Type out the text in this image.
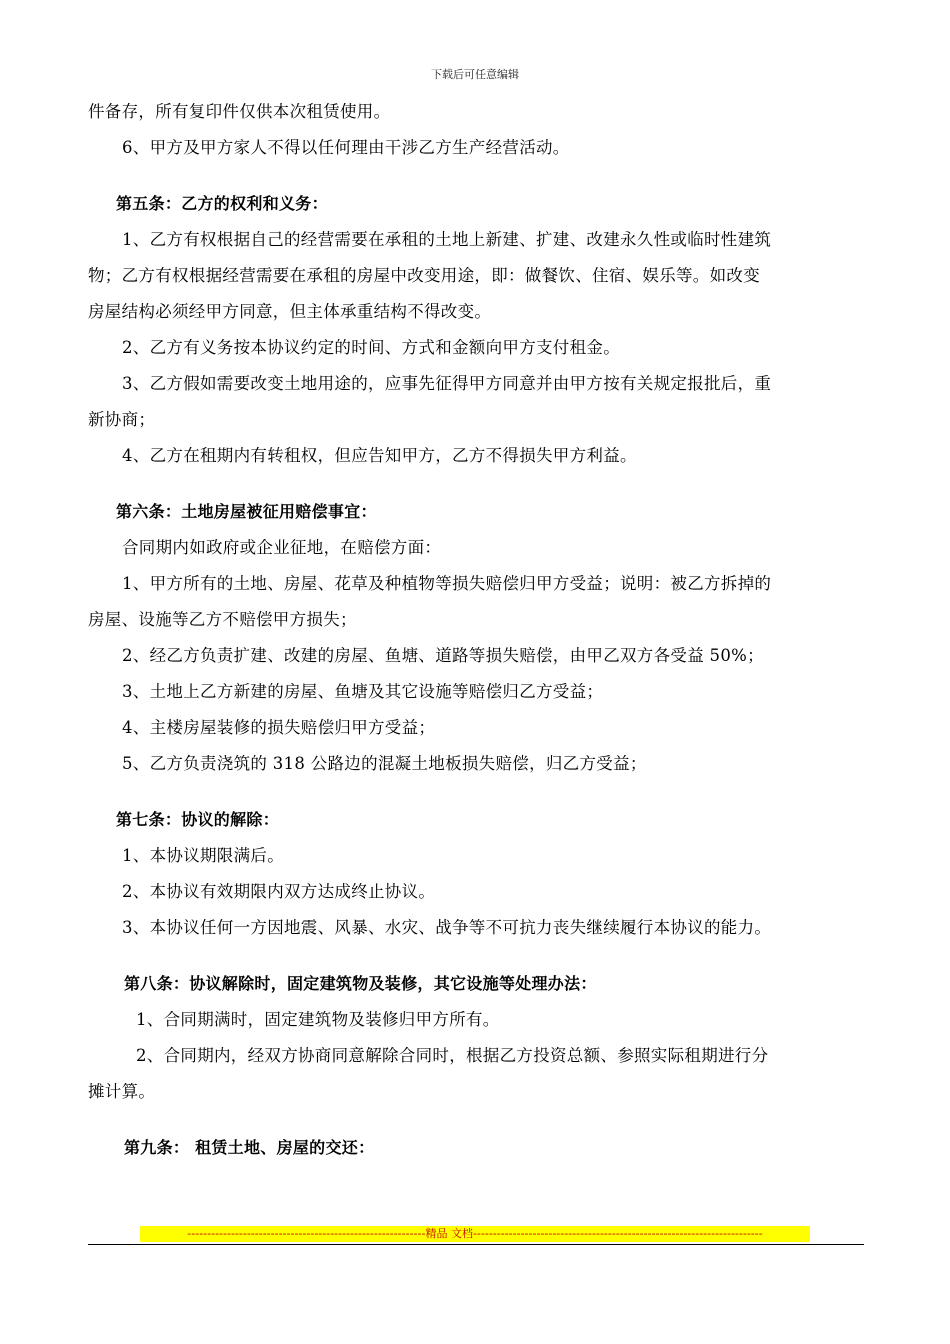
下载后可任意编辑
件备存，所有复印件仅供本次租赁使用。
6、甲方及甲方家人不得以任何理由干涉乙方生产经营活动。
第五条：乙方的权利和义务：
1、乙方有权根据自己的经营需要在承租的土地上新建、扩建、改建永久性或临时性建筑
物；乙方有权根据经营需要在承租的房屋中改变用途，即：做餐饮、住宿、娱乐等。如改变
房屋结构必须经甲方同意，但主体承重结构不得改变。
2、乙方有义务按本协议约定的时间、方式和金额向甲方支付租金。
3、乙方假如需要改变土地用途的，应事先征得甲方同意并由甲方按有关规定报批后，重
新协商；
4、乙方在租期内有转租权，但应告知甲方，乙方不得损失甲方利益。
第六条：土地房屋被征用赔偿事宜：
合同期内如政府或企业征地，在赔偿方面：
1、甲方所有的土地、房屋、花草及种植物等损失赔偿归甲方受益；说明：被乙方拆掉的
房屋、设施等乙方不赔偿甲方损失；
2、经乙方负责扩建、改建的房屋、鱼塘、道路等损失赔偿，由甲乙双方各受益 50%；
3、土地上乙方新建的房屋、鱼塘及其它设施等赔偿归乙方受益；
4、主楼房屋装修的损失赔偿归甲方受益；
5、乙方负责浇筑的 318 公路边的混凝土地板损失赔偿，归乙方受益；
第七条：协议的解除：
1、本协议期限满后。
2、本协议有效期限内双方达成终止协议。
3、本协议任何一方因地震、风暴、水灾、战争等不可抗力丧失继续履行本协议的能力。
第八条：协议解除时，固定建筑物及装修，其它设施等处理办法：
1、合同期满时，固定建筑物及装修归甲方所有。
2、合同期内，经双方协商同意解除合同时，根据乙方投资总额、参照实际租期进行分
摊计算。
第九条： 租赁土地、房屋的交还：
------------------------------------------------------------精品 文档-------------------------------------------------------------------------
